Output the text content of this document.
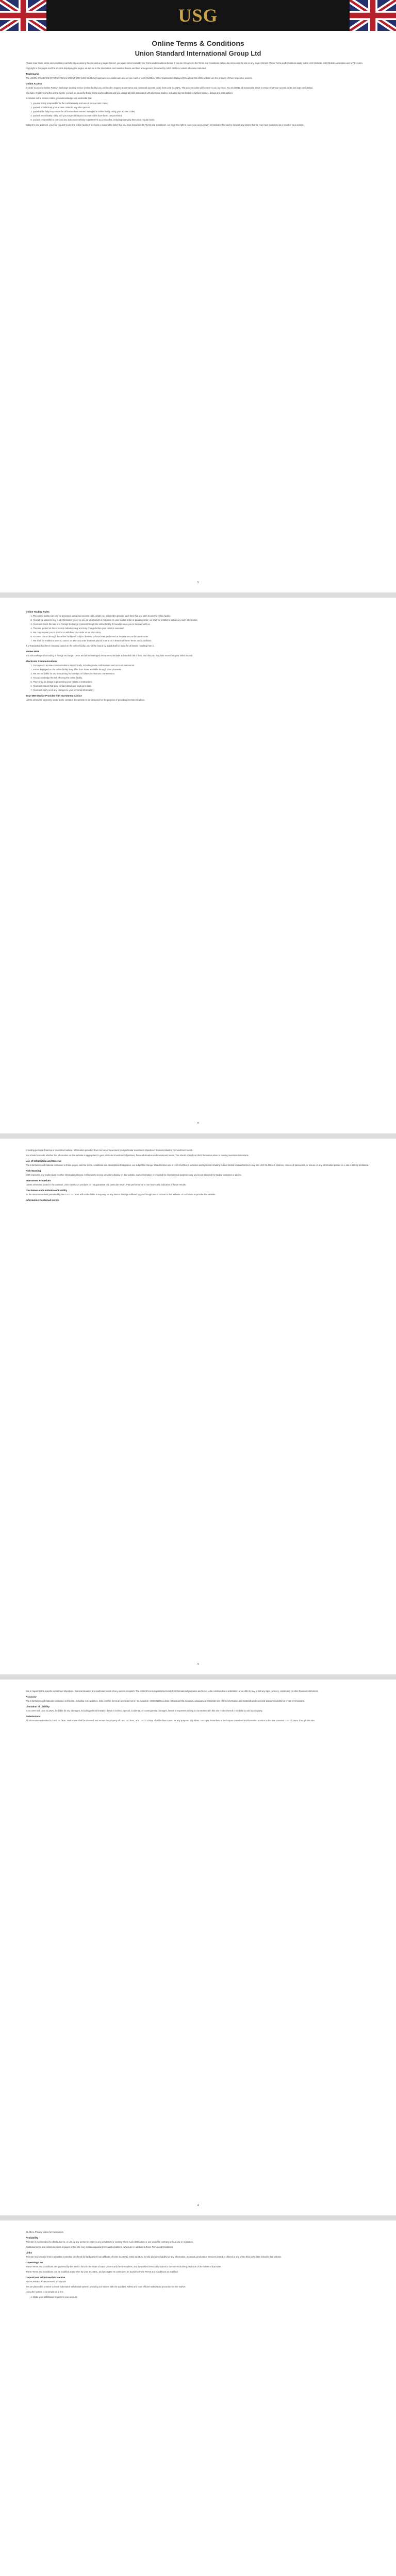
USG
Online Terms & Conditions
Union Standard International Group Ltd

Please read these terms and conditions carefully. By accessing the site and any pages thereof, you agree to be bound by the Terms and Conditions below. If you do not agree to the Terms and Conditions below, do not access the site or any pages thereof. These Terms and Conditions apply to the USG Website, USG Mobile Application and MT4 system.

Copyright in the pages and the screens displaying the pages, as well as in the information and material therein and their arrangement, is owned by USG GLOBAL unless otherwise indicated.

Trademarks

The UNION STANDARD INTERNATIONAL GROUP LTD (USG GLOBAL) logo/name is a trademark and service mark of USG GLOBAL. Other trademarks displayed throughout this USG website are the property of their respective owners.

Online Access

In order to use our Online Foreign Exchange dealing service (online facility) you will need to request a username and password (access code) from USG GLOBAL. The access codes will be sent to you by email. You must take all reasonable steps to ensure that your access codes are kept confidential.

You agree that by using the online facility, you will be bound by these terms and conditions and you accept all risks associated with electronic trading, including but not limited to system failures, delays and interruptions.

In relation to the access codes, you acknowledge and undertake that:

1. you are solely responsible for the confidentiality and use of your access codes;
2. you will not disclose your access codes to any other person;
3. you shall be fully responsible for all instructions entered through the online facility using your access codes;
4. you will immediately notify us if you suspect that your access codes have been compromised;
5. you are responsible to carry out any actions necessary to protect the access codes, including changing them on a regular basis.

Subject to our approval, you may request to use the online facility. If we have a reasonable belief that you have breached the Terms and Conditions, we have the right to close your account with immediate effect and to forward any losses that we may have sustained as a result of your actions.

1
Online Trading Rules
1. The online facility can only be accessed using your access code, which you will need to provide each time that you wish to use the online facility.
2. You will be asked to key in all information given by you, or your behalf, in response to your market order or pending order; we shall be entitled to act on any such information.
3. You must check the rate of a Foreign Exchange contract through the online facility if it would induce you to transact with us.
4. The rate quoted on the screen is indicative only and may change before your order is executed.
5. We may request you to amend or withdraw your order at our discretion.
6. An order placed through the online facility will only be deemed to have been performed at the time we confirm such order.
7. We shall be entitled to amend, cancel, or alter any order that was placed in error or in breach of these Terms and Conditions.

If a Transaction has been executed based on the online facility, you will be bound by it and shall be liable for all losses resulting from it.

Market Risk

You acknowledge that trading in foreign exchange, CFDs and other leveraged instruments involves substantial risk of loss, and that you may lose more than your initial deposit.

Electronic Communications
1. You agree to receive communications electronically, including trade confirmations and account statements.
2. Prices displayed on the online facility may differ from those available through other channels.
3. We are not liable for any loss arising from delays or failures in electronic transmission.
4. You acknowledge the risk of using the online facility.
5. There may be delays in processing your orders or instructions.
6. You must ensure that your contact details are kept up to date.
7. You must notify us of any changes to your personal information.
Your MM Service Provider with Investment Advice

Unless otherwise expressly stated in the contract, the website is not designed for the purpose of providing investment advice.

2

providing personal financial or investment advice. Information provided does not take into account your particular investment objectives, financial situation or investment needs.

You should consider whether the information on this website is appropriate to your particular investment objectives, financial situation and investment needs. You should not rely on this information alone in making investment decisions.

Use of Information and Material

The information and material contained in these pages, and the terms, conditions and descriptions that appear, are subject to change. Unauthorized use of USG GLOBAL's websites and systems including but not limited to unauthorized entry into USG GLOBAL's systems, misuse of passwords, or misuse of any information posted on a site is strictly prohibited.

Risk Warning

With respect to any market data or other information that we or third party service providers display on this website, such information is provided for informational purposes only and is not intended for trading purposes or advice.

Investment Procedure

Unless otherwise stated in the contract, USG GLOBAL's products do not guarantee any particular return. Past performance is not necessarily indicative of future results.

Disclaimer and Limitation of Liability

To the maximum extent permitted by law, USG GLOBAL will not be liable in any way for any loss or damage suffered by you through use or access to this website, or our failure to provide this website.

Information Contained Herein
3

has in regard to the specific investment objectives, financial situation and particular needs of any specific recipient. The content herein is published solely for informational purposes and is not to be construed as a solicitation or an offer to buy or sell any spot currency, commodity or other financial instrument.

Accuracy

The information and materials contained in this site, including text, graphics, links or other items are provided 'as is', 'as available'. USG GLOBAL does not warrant the accuracy, adequacy or completeness of this information and materials and expressly disclaims liability for errors or omissions.

Limitation of Liability

In no event will USG GLOBAL be liable for any damages, including without limitation direct or indirect, special, incidental, or consequential damages, losses or expenses arising in connection with this site or use thereof or inability to use by any party.

Submissions

All information submitted to USG GLOBAL via this site shall be deemed and remain the property of USG GLOBAL, and USG GLOBAL shall be free to use, for any purpose, any ideas, concepts, know-how or techniques contained in information a visitor to this site provides USG GLOBAL through this site.

4

GLOBAL Privacy Notice for Consumers

Availability

This site is not intended for distribution to, or use by any person or entity in any jurisdiction or country where such distribution or use would be contrary to local law or regulation.

Additional terms and certain sections or pages of this site may contain separate terms and conditions, which are in addition to these Terms and Conditions.

Links

This site may contain links to websites controlled or offered by third parties (non-affiliates of USG GLOBAL). USG GLOBAL hereby disclaims liability for any information, materials, products or services posted or offered at any of the third party sites linked to this website.

Governing Law

These Terms and Conditions are governed by the laws in force in the State of Saint Vincent and the Grenadines, and the parties irrevocably submit to the non-exclusive jurisdiction of the courts of that state.

These Terms and Conditions can be modified at any time by USG GLOBAL, and you agree to continue to be bound by these Terms and Conditions as modified.

Deposit and Withdrawal Procedure

AUTHORISED WITHDRAWAL SYSTEMS

We are pleased to present our new automated withdrawal system: providing our traders with the quickest, safest and most efficient withdrawal procedure on the market.

Using the system is as simple as 1-2-3:

1. Make your withdrawal request in your account.
